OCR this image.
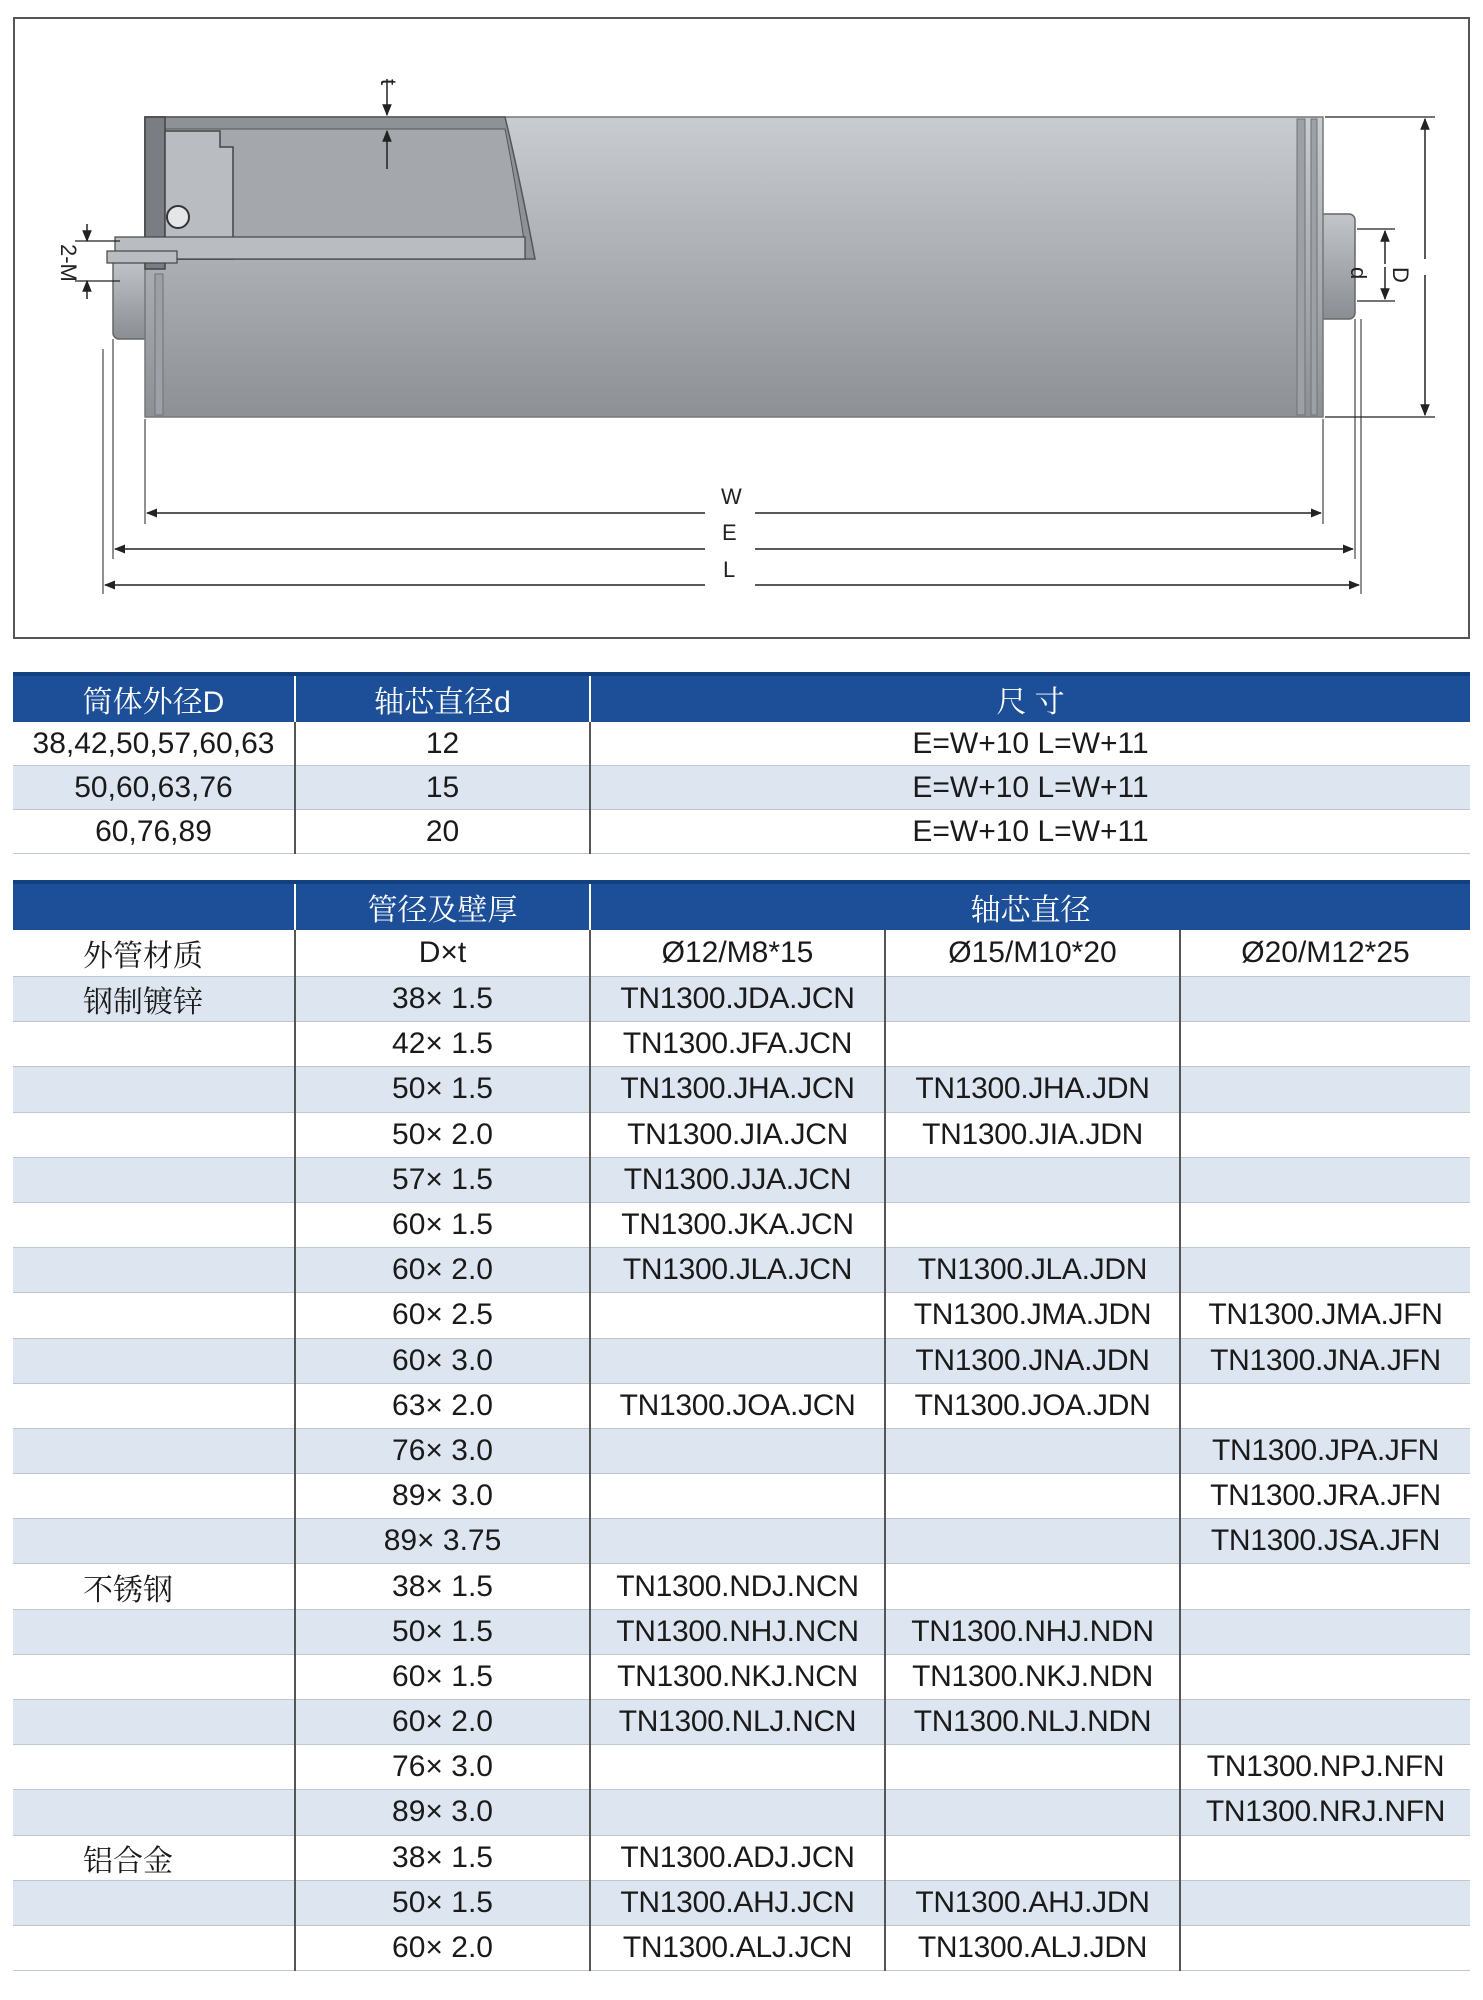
t
2-M	d D
W
E
L
筒体外径D	轴芯直径d	尺 寸
38,42,50,57,60,63	12	E=W+10 L=W+11
50,60,63,76	15	E=W+10 L=W+11
60,76,89	20	E=W+10 L=W+11
	管径及壁厚	轴芯直径		
外管材质	D×t	Ø12/M8*15	Ø15/M10*20	Ø20/M12*25
钢制镀锌	38× 1.5	TN1300.JDA.JCN		
	42× 1.5	TN1300.JFA.JCN		
	50× 1.5	TN1300.JHA.JCN	TN1300.JHA.JDN	
	50× 2.0	TN1300.JIA.JCN	TN1300.JIA.JDN	
	57× 1.5	TN1300.JJA.JCN		
	60× 1.5	TN1300.JKA.JCN		
	60× 2.0	TN1300.JLA.JCN	TN1300.JLA.JDN	
	60× 2.5		TN1300.JMA.JDN	TN1300.JMA.JFN
	60× 3.0		TN1300.JNA.JDN	TN1300.JNA.JFN
	63× 2.0	TN1300.JOA.JCN	TN1300.JOA.JDN	
	76× 3.0			TN1300.JPA.JFN
	89× 3.0			TN1300.JRA.JFN
	89× 3.75			TN1300.JSA.JFN
不锈钢	38× 1.5	TN1300.NDJ.NCN		
	50× 1.5	TN1300.NHJ.NCN	TN1300.NHJ.NDN	
	60× 1.5	TN1300.NKJ.NCN	TN1300.NKJ.NDN	
	60× 2.0	TN1300.NLJ.NCN	TN1300.NLJ.NDN	
	76× 3.0			TN1300.NPJ.NFN
	89× 3.0			TN1300.NRJ.NFN
铝合金	38× 1.5	TN1300.ADJ.JCN		
	50× 1.5	TN1300.AHJ.JCN	TN1300.AHJ.JDN	
	60× 2.0	TN1300.ALJ.JCN	TN1300.ALJ.JDN	
